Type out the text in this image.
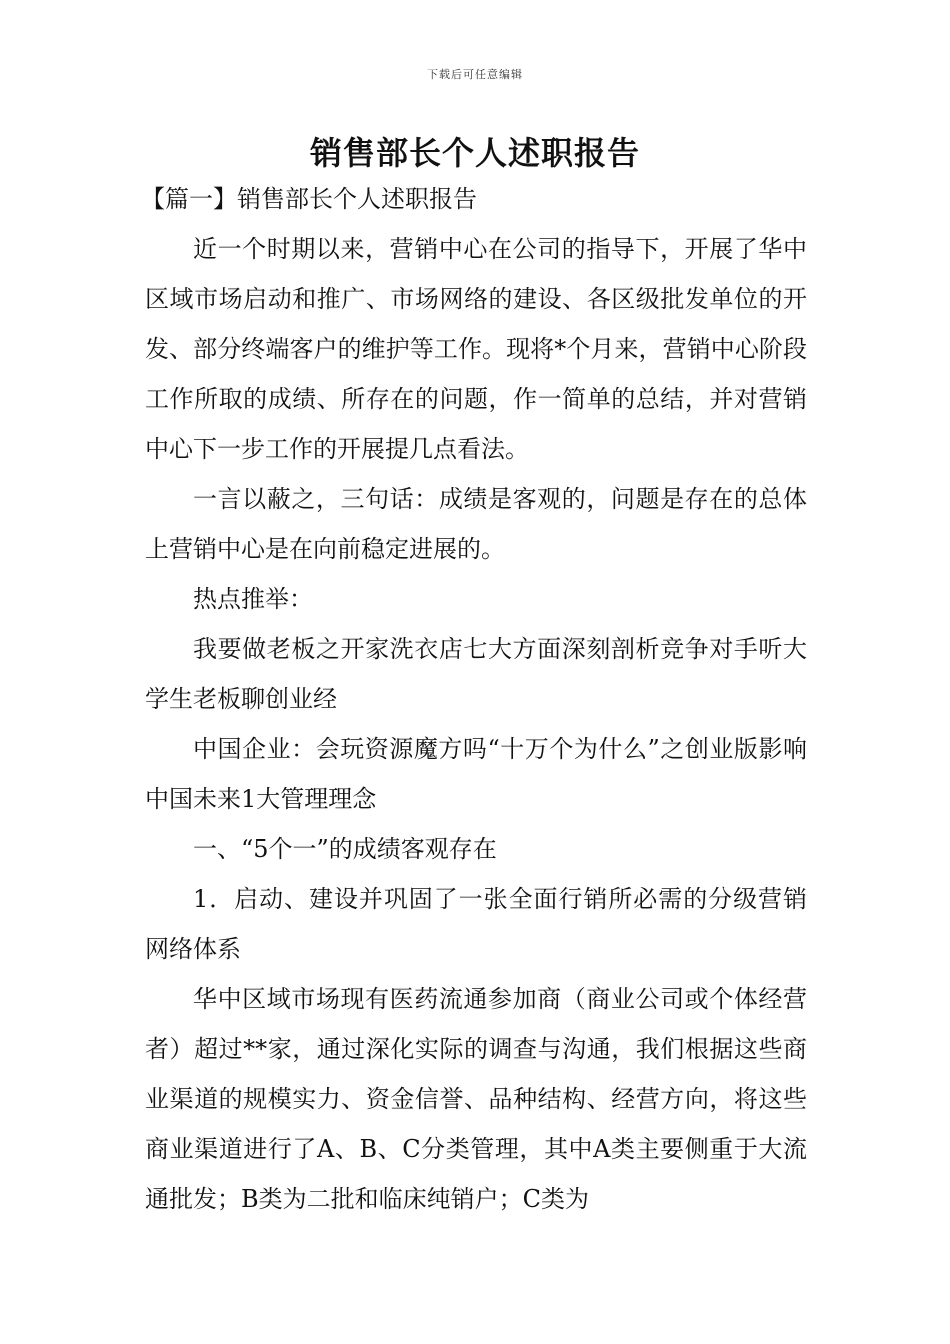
下载后可任意编辑
销售部长个人述职报告

【篇一】销售部长个人述职报告

近一个时期以来，营销中心在公司的指导下，开展了华中区域市场启动和推广、市场网络的建设、各区级批发单位的开发、部分终端客户的维护等工作。现将*个月来，营销中心阶段工作所取的成绩、所存在的问题，作一简单的总结，并对营销中心下一步工作的开展提几点看法。

一言以蔽之，三句话：成绩是客观的，问题是存在的总体上营销中心是在向前稳定进展的。

热点推举：

我要做老板之开家洗衣店七大方面深刻剖析竞争对手听大学生老板聊创业经

中国企业：会玩资源魔方吗“十万个为什么”之创业版影响中国未来1大管理理念

一、“5个一”的成绩客观存在

1．启动、建设并巩固了一张全面行销所必需的分级营销网络体系

华中区域市场现有医药流通参加商（商业公司或个体经营者）超过**家，通过深化实际的调查与沟通，我们根据这些商业渠道的规模实力、资金信誉、品种结构、经营方向，将这些商业渠道进行了A、B、C分类管理，其中A类主要侧重于大流通批发；B类为二批和临床纯销户；C类为
